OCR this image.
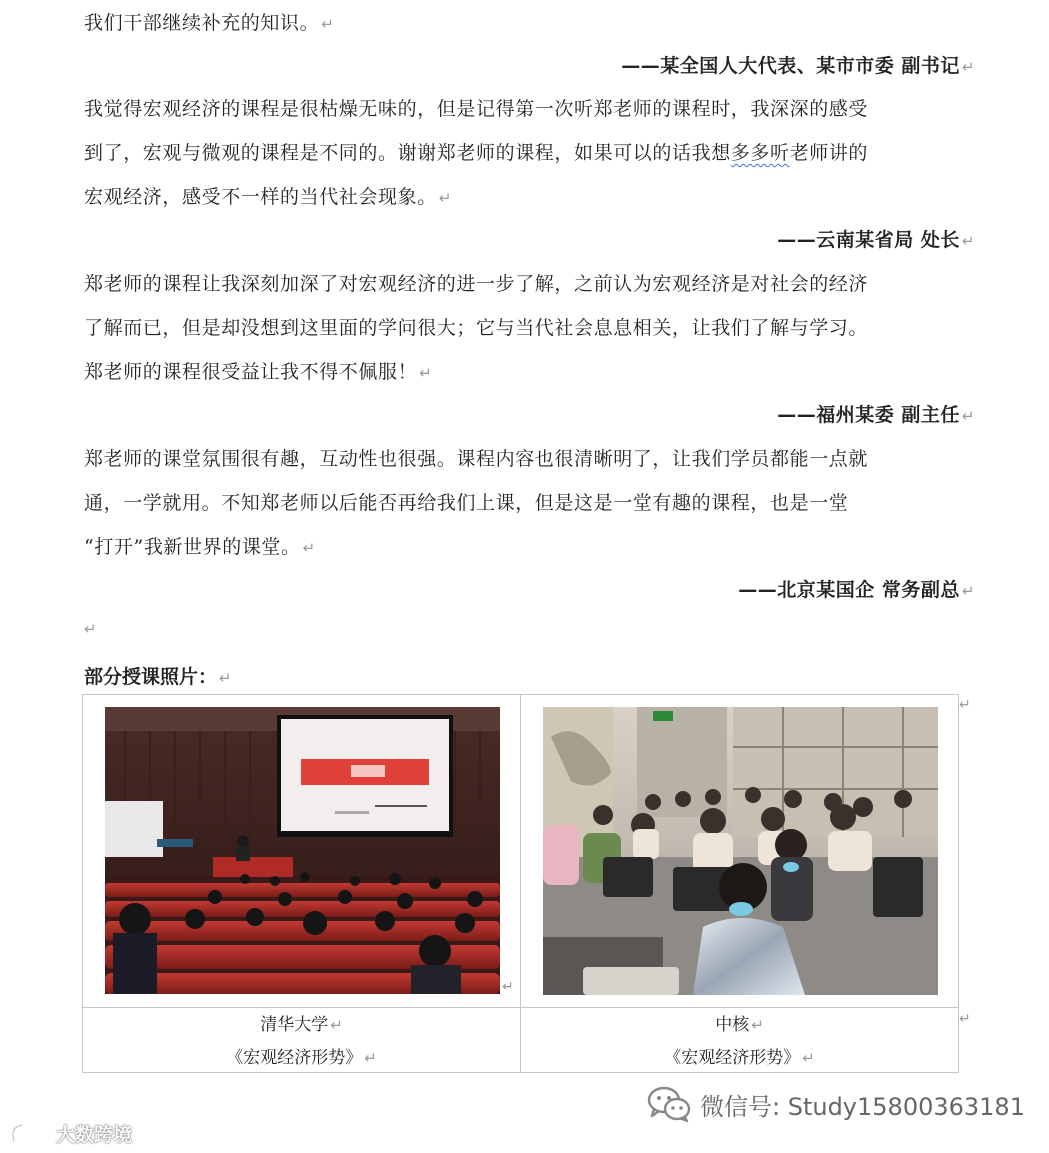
我们干部继续补充的知识。 ↵
——某全国人大代表、某市市委 副书记 ↵
我觉得宏观经济的课程是很枯燥无味的，但是记得第一次听郑老师的课程时，我深深的感受
到了，宏观与微观的课程是不同的。谢谢郑老师的课程，如果可以的话我想多多听老师讲的
宏观经济，感受不一样的当代社会现象。 ↵
——云南某省局 处长 ↵
郑老师的课程让我深刻加深了对宏观经济的进一步了解，之前认为宏观经济是对社会的经济
了解而已，但是却没想到这里面的学问很大；它与当代社会息息相关，让我们了解与学习。
郑老师的课程很受益让我不得不佩服！ ↵
——福州某委 副主任 ↵
郑老师的课堂氛围很有趣，互动性也很强。课程内容也很清晰明了，让我们学员都能一点就
通，一学就用。不知郑老师以后能否再给我们上课，但是这是一堂有趣的课程，也是一堂
“打开”我新世界的课堂。 ↵
——北京某国企 常务副总 ↵
↵
部分授课照片： ↵
↵
↵
↵
清华大学 ↵
《宏观经济形势》 ↵
中核 ↵
《宏观经济形势》 ↵
微信号: Study15800363181
大数跨境
